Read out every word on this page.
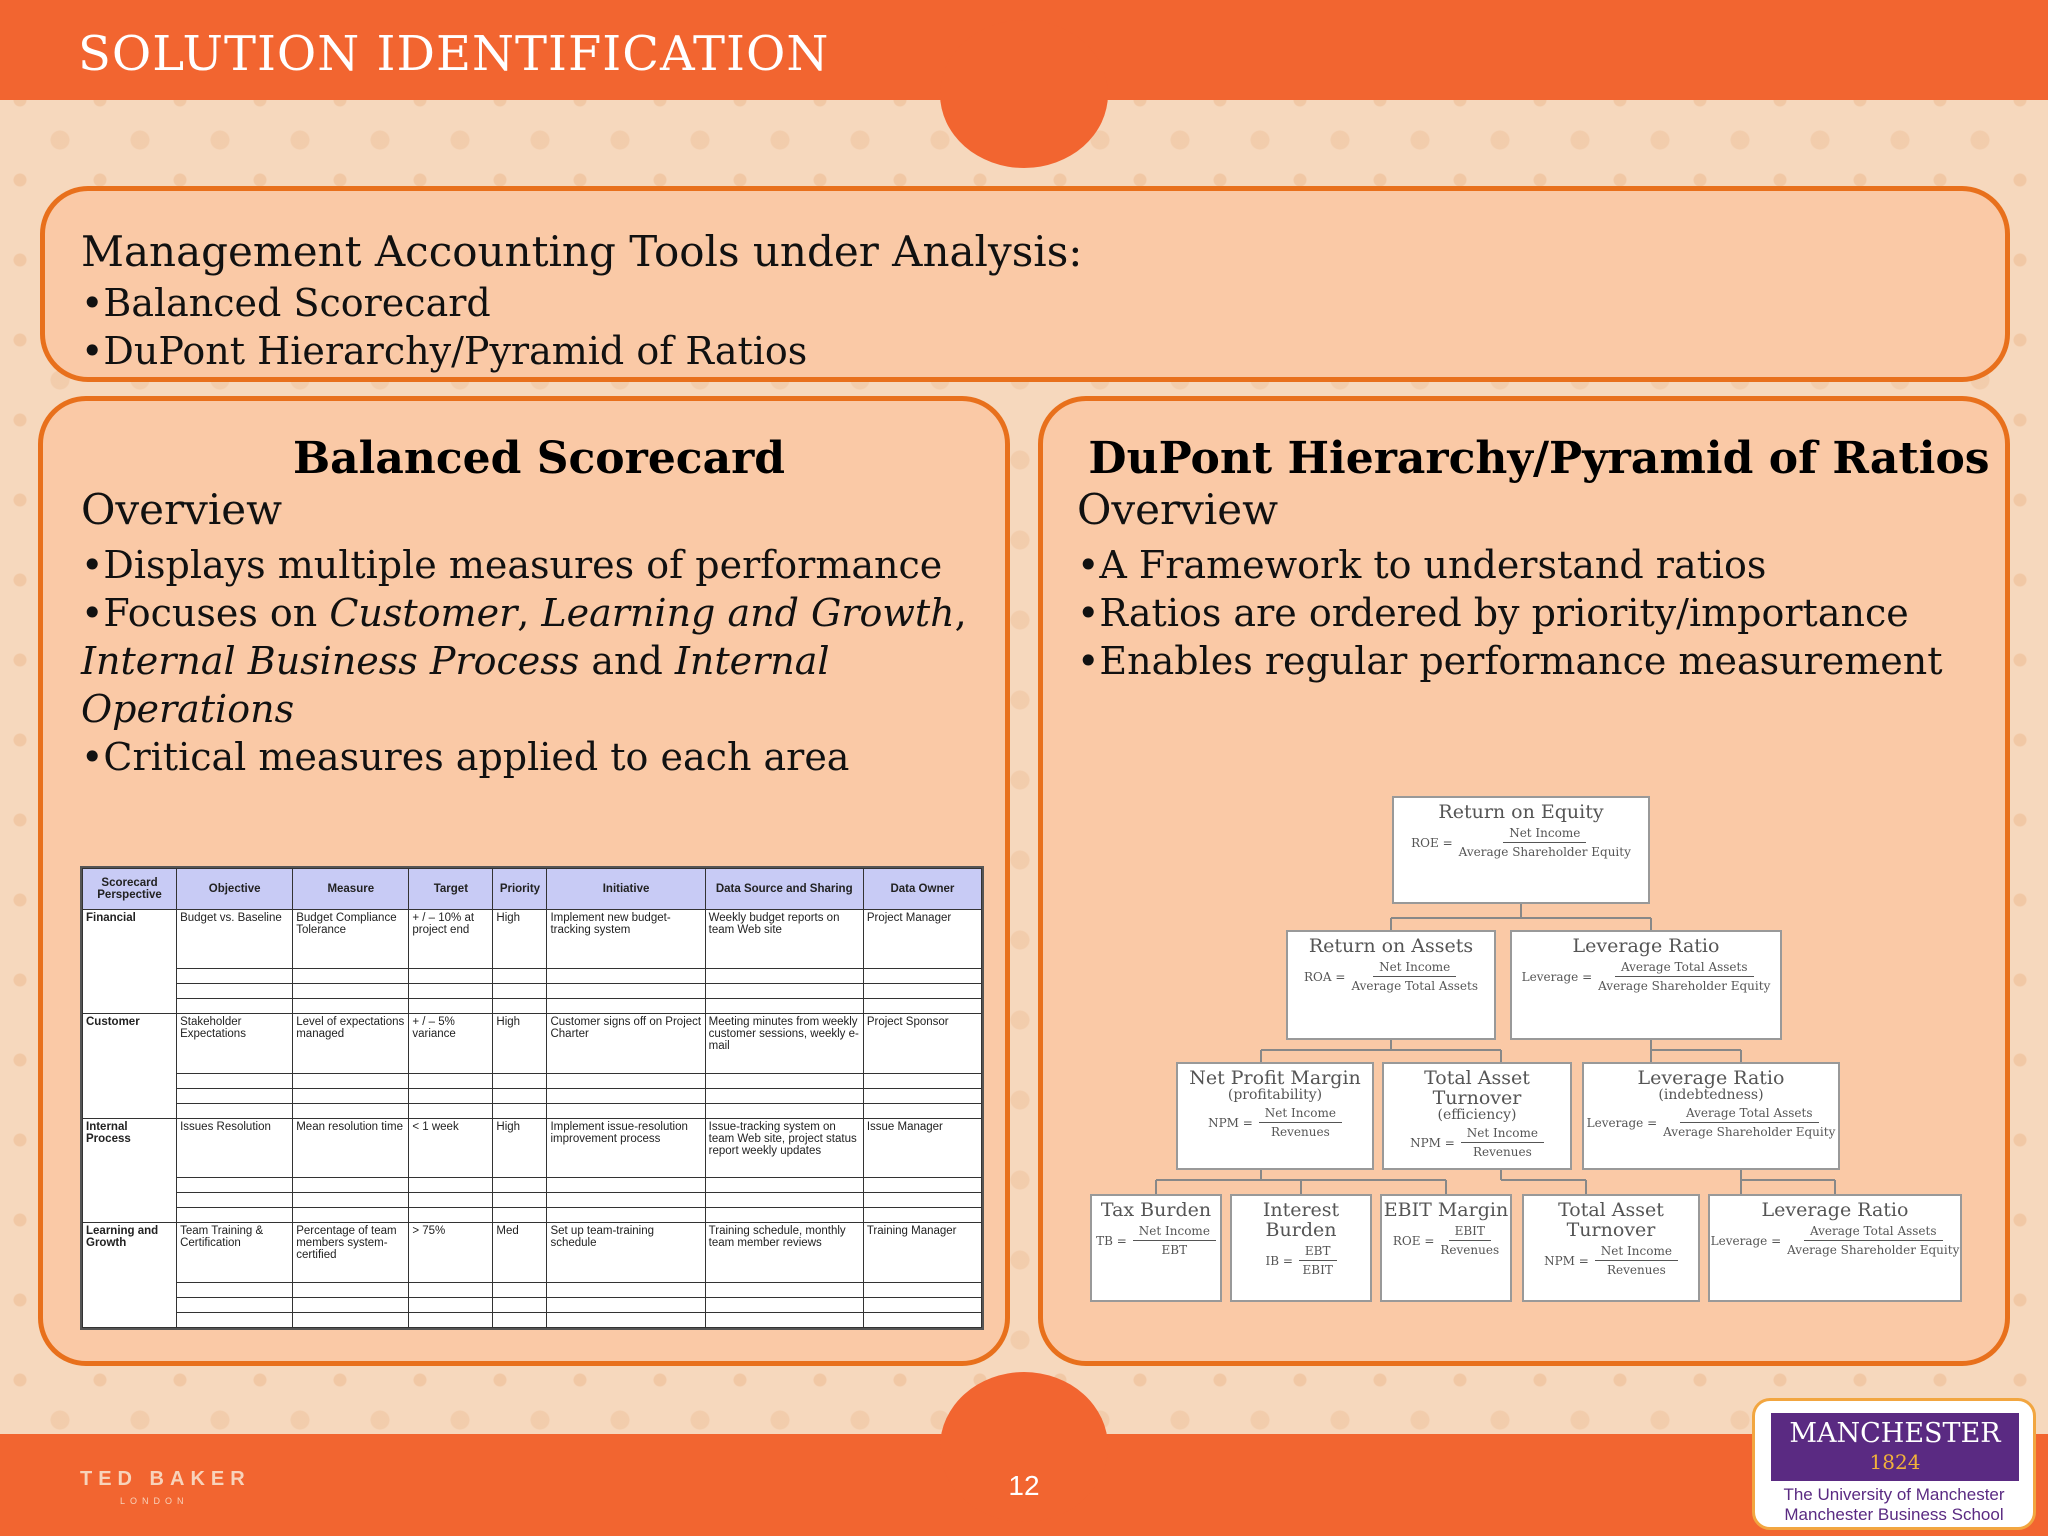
SOLUTION IDENTIFICATION

Management Accounting Tools under Analysis:

•Balanced Scorecard

•DuPont Hierarchy/Pyramid of Ratios

Balanced Scorecard

Overview

•Displays multiple measures of performance

•Focuses on Customer, Learning and Growth, Internal Business Process and Internal Operations

•Critical measures applied to each area

Scorecard Perspective	Objective	Measure	Target	Priority	Initiative	Data Source and Sharing	Data Owner
Financial	Budget vs. Baseline	Budget Compliance Tolerance	+ / – 10% at project end	High	Implement new budget-tracking system	Weekly budget reports on team Web site	Project Manager

Customer	Stakeholder Expectations	Level of expectations managed	+ / – 5% variance	High	Customer signs off on Project Charter	Meeting minutes from weekly customer sessions, weekly e-mail	Project Sponsor

Internal Process	Issues Resolution	Mean resolution time	< 1 week	High	Implement issue-resolution improvement process	Issue-tracking system on team Web site, project status report weekly updates	Issue Manager

Learning and Growth	Team Training & Certification	Percentage of team members system-certified	> 75%	Med	Set up team-training schedule	Training schedule, monthly team member reviews	Training Manager

DuPont Hierarchy/Pyramid of Ratios

Overview

•A Framework to understand ratios

•Ratios are ordered by priority/importance

•Enables regular performance measurement

Return on Equity
ROE = $\frac{\text{Net Income}}{\text{Average Shareholder Equity}}$
Return on Assets
ROA = $\frac{\text{Net Income}}{\text{Average Total Assets}}$
Leverage Ratio
Leverage = $\frac{\text{Average Total Assets}}{\text{Average Shareholder Equity}}$
Net Profit Margin
(profitability)
NPM = $\frac{\text{Net Income}}{\text{Revenues}}$
Total Asset Turnover
(efficiency)
NPM = $\frac{\text{Net Income}}{\text{Revenues}}$
Leverage Ratio
(indebtedness)
Leverage = $\frac{\text{Average Total Assets}}{\text{Average Shareholder Equity}}$
Tax Burden
TB = $\frac{\text{Net Income}}{\text{EBT}}$
Interest Burden
IB = $\frac{\text{EBT}}{\text{EBIT}}$
EBIT Margin
ROE = $\frac{\text{EBIT}}{\text{Revenues}}$
Total Asset Turnover
NPM = $\frac{\text{Net Income}}{\text{Revenues}}$
Leverage Ratio
Leverage = $\frac{\text{Average Total Assets}}{\text{Average Shareholder Equity}}$
TED BAKER
LONDON	12
MANCHESTER
1824
The University of Manchester
Manchester Business School
